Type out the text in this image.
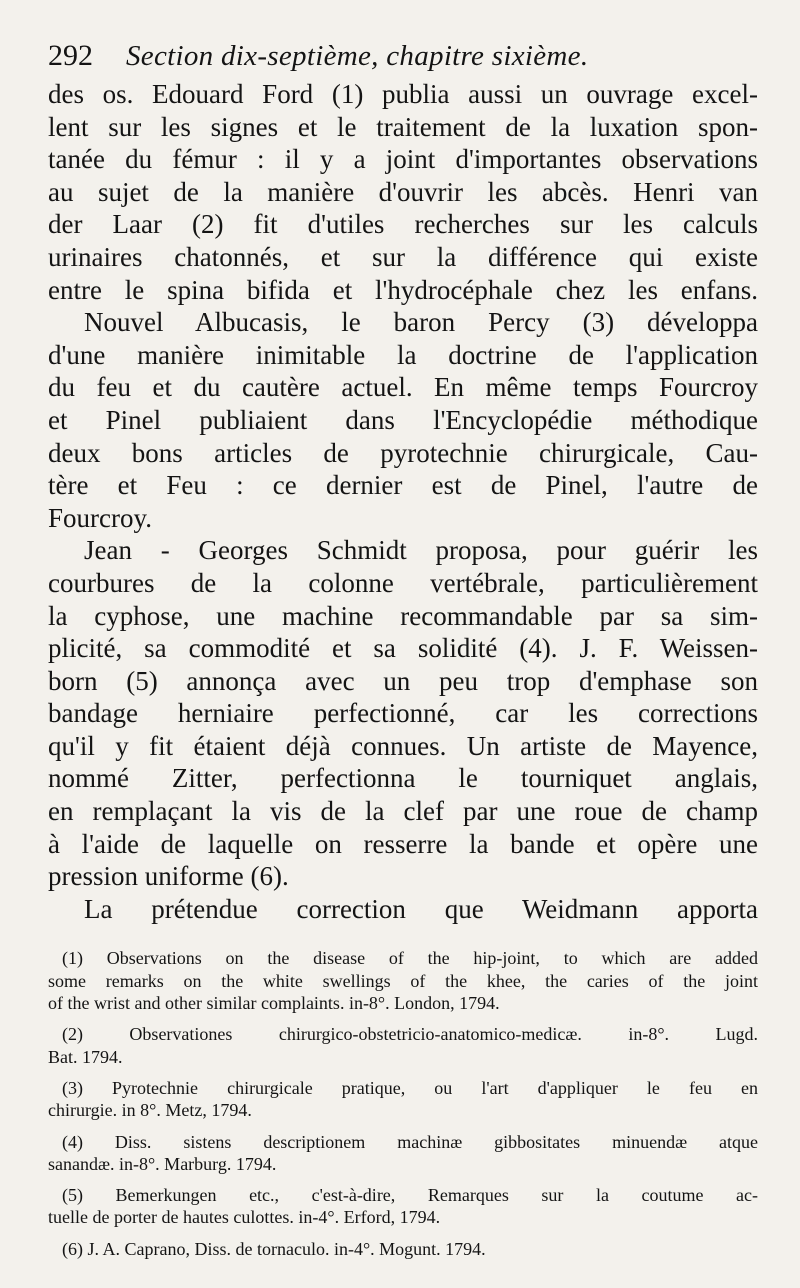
292	Section dix-septième, chapitre sixième.
des os. Edouard Ford (1) publia aussi un ouvrage excel-
lent sur les signes et le traitement de la luxation spon-
tanée du fémur : il y a joint d'importantes observations
au sujet de la manière d'ouvrir les abcès. Henri van
der Laar (2) fit d'utiles recherches sur les calculs
urinaires chatonnés, et sur la différence qui existe
entre le spina bifida et l'hydrocéphale chez les enfans.
Nouvel Albucasis, le baron Percy (3) développa
d'une manière inimitable la doctrine de l'application
du feu et du cautère actuel. En même temps Fourcroy
et Pinel publiaient dans l'Encyclopédie méthodique
deux bons articles de pyrotechnie chirurgicale, Cau-
tère et Feu : ce dernier est de Pinel, l'autre de
Fourcroy.
Jean - Georges Schmidt proposa, pour guérir les
courbures de la colonne vertébrale, particulièrement
la cyphose, une machine recommandable par sa sim-
plicité, sa commodité et sa solidité (4). J. F. Weissen-
born (5) annonça avec un peu trop d'emphase son
bandage herniaire perfectionné, car les corrections
qu'il y fit étaient déjà connues. Un artiste de Mayence,
nommé Zitter, perfectionna le tourniquet anglais,
en remplaçant la vis de la clef par une roue de champ
à l'aide de laquelle on resserre la bande et opère une
pression uniforme (6).
La prétendue correction que Weidmann apporta
(1) Observations on the disease of the hip-joint, to which are added
some remarks on the white swellings of the khee, the caries of the joint
of the wrist and other similar complaints. in-8°. London, 1794.
(2) Observationes chirurgico-obstetricio-anatomico-medicæ. in-8°. Lugd.
Bat. 1794.
(3) Pyrotechnie chirurgicale pratique, ou l'art d'appliquer le feu en
chirurgie. in 8°. Metz, 1794.
(4) Diss. sistens descriptionem machinæ gibbositates minuendæ atque
sanandæ. in-8°. Marburg. 1794.
(5) Bemerkungen etc., c'est-à-dire, Remarques sur la coutume ac-
tuelle de porter de hautes culottes. in-4°. Erford, 1794.
(6) J. A. Caprano, Diss. de tornaculo. in-4°. Mogunt. 1794.
